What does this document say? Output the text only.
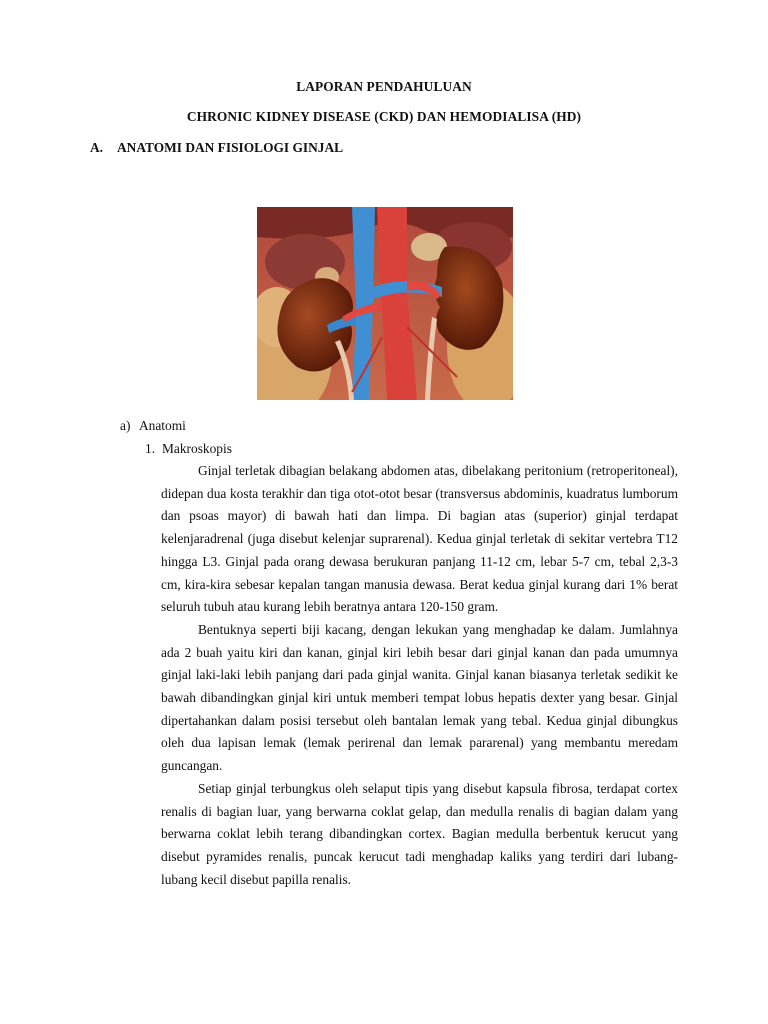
LAPORAN PENDAHULUAN
CHRONIC KIDNEY DISEASE (CKD) DAN HEMODIALISA (HD)
A. ANATOMI DAN FISIOLOGI GINJAL
a) Anatomi
1. Makroskopis

Ginjal terletak dibagian belakang abdomen atas, dibelakang peritonium (retroperitoneal), didepan dua kosta terakhir dan tiga otot-otot besar (transversus abdominis, kuadratus lumborum dan psoas mayor) di bawah hati dan limpa. Di bagian atas (superior) ginjal terdapat kelenjaradrenal (juga disebut kelenjar suprarenal). Kedua ginjal terletak di sekitar vertebra T12 hingga L3. Ginjal pada orang dewasa berukuran panjang 11-12 cm, lebar 5-7 cm, tebal 2,3-3 cm, kira-kira sebesar kepalan tangan manusia dewasa. Berat kedua ginjal kurang dari 1% berat seluruh tubuh atau kurang lebih beratnya antara 120-150 gram.

Bentuknya seperti biji kacang, dengan lekukan yang menghadap ke dalam. Jumlahnya ada 2 buah yaitu kiri dan kanan, ginjal kiri lebih besar dari ginjal kanan dan pada umumnya ginjal laki-laki lebih panjang dari pada ginjal wanita. Ginjal kanan biasanya terletak sedikit ke bawah dibandingkan ginjal kiri untuk memberi tempat lobus hepatis dexter yang besar. Ginjal dipertahankan dalam posisi tersebut oleh bantalan lemak yang tebal. Kedua ginjal dibungkus oleh dua lapisan lemak (lemak perirenal dan lemak pararenal) yang membantu meredam guncangan.

Setiap ginjal terbungkus oleh selaput tipis yang disebut kapsula fibrosa, terdapat cortex renalis di bagian luar, yang berwarna coklat gelap, dan medulla renalis di bagian dalam yang berwarna coklat lebih terang dibandingkan cortex. Bagian medulla berbentuk kerucut yang disebut pyramides renalis, puncak kerucut tadi menghadap kaliks yang terdiri dari lubang-lubang kecil disebut papilla renalis.
